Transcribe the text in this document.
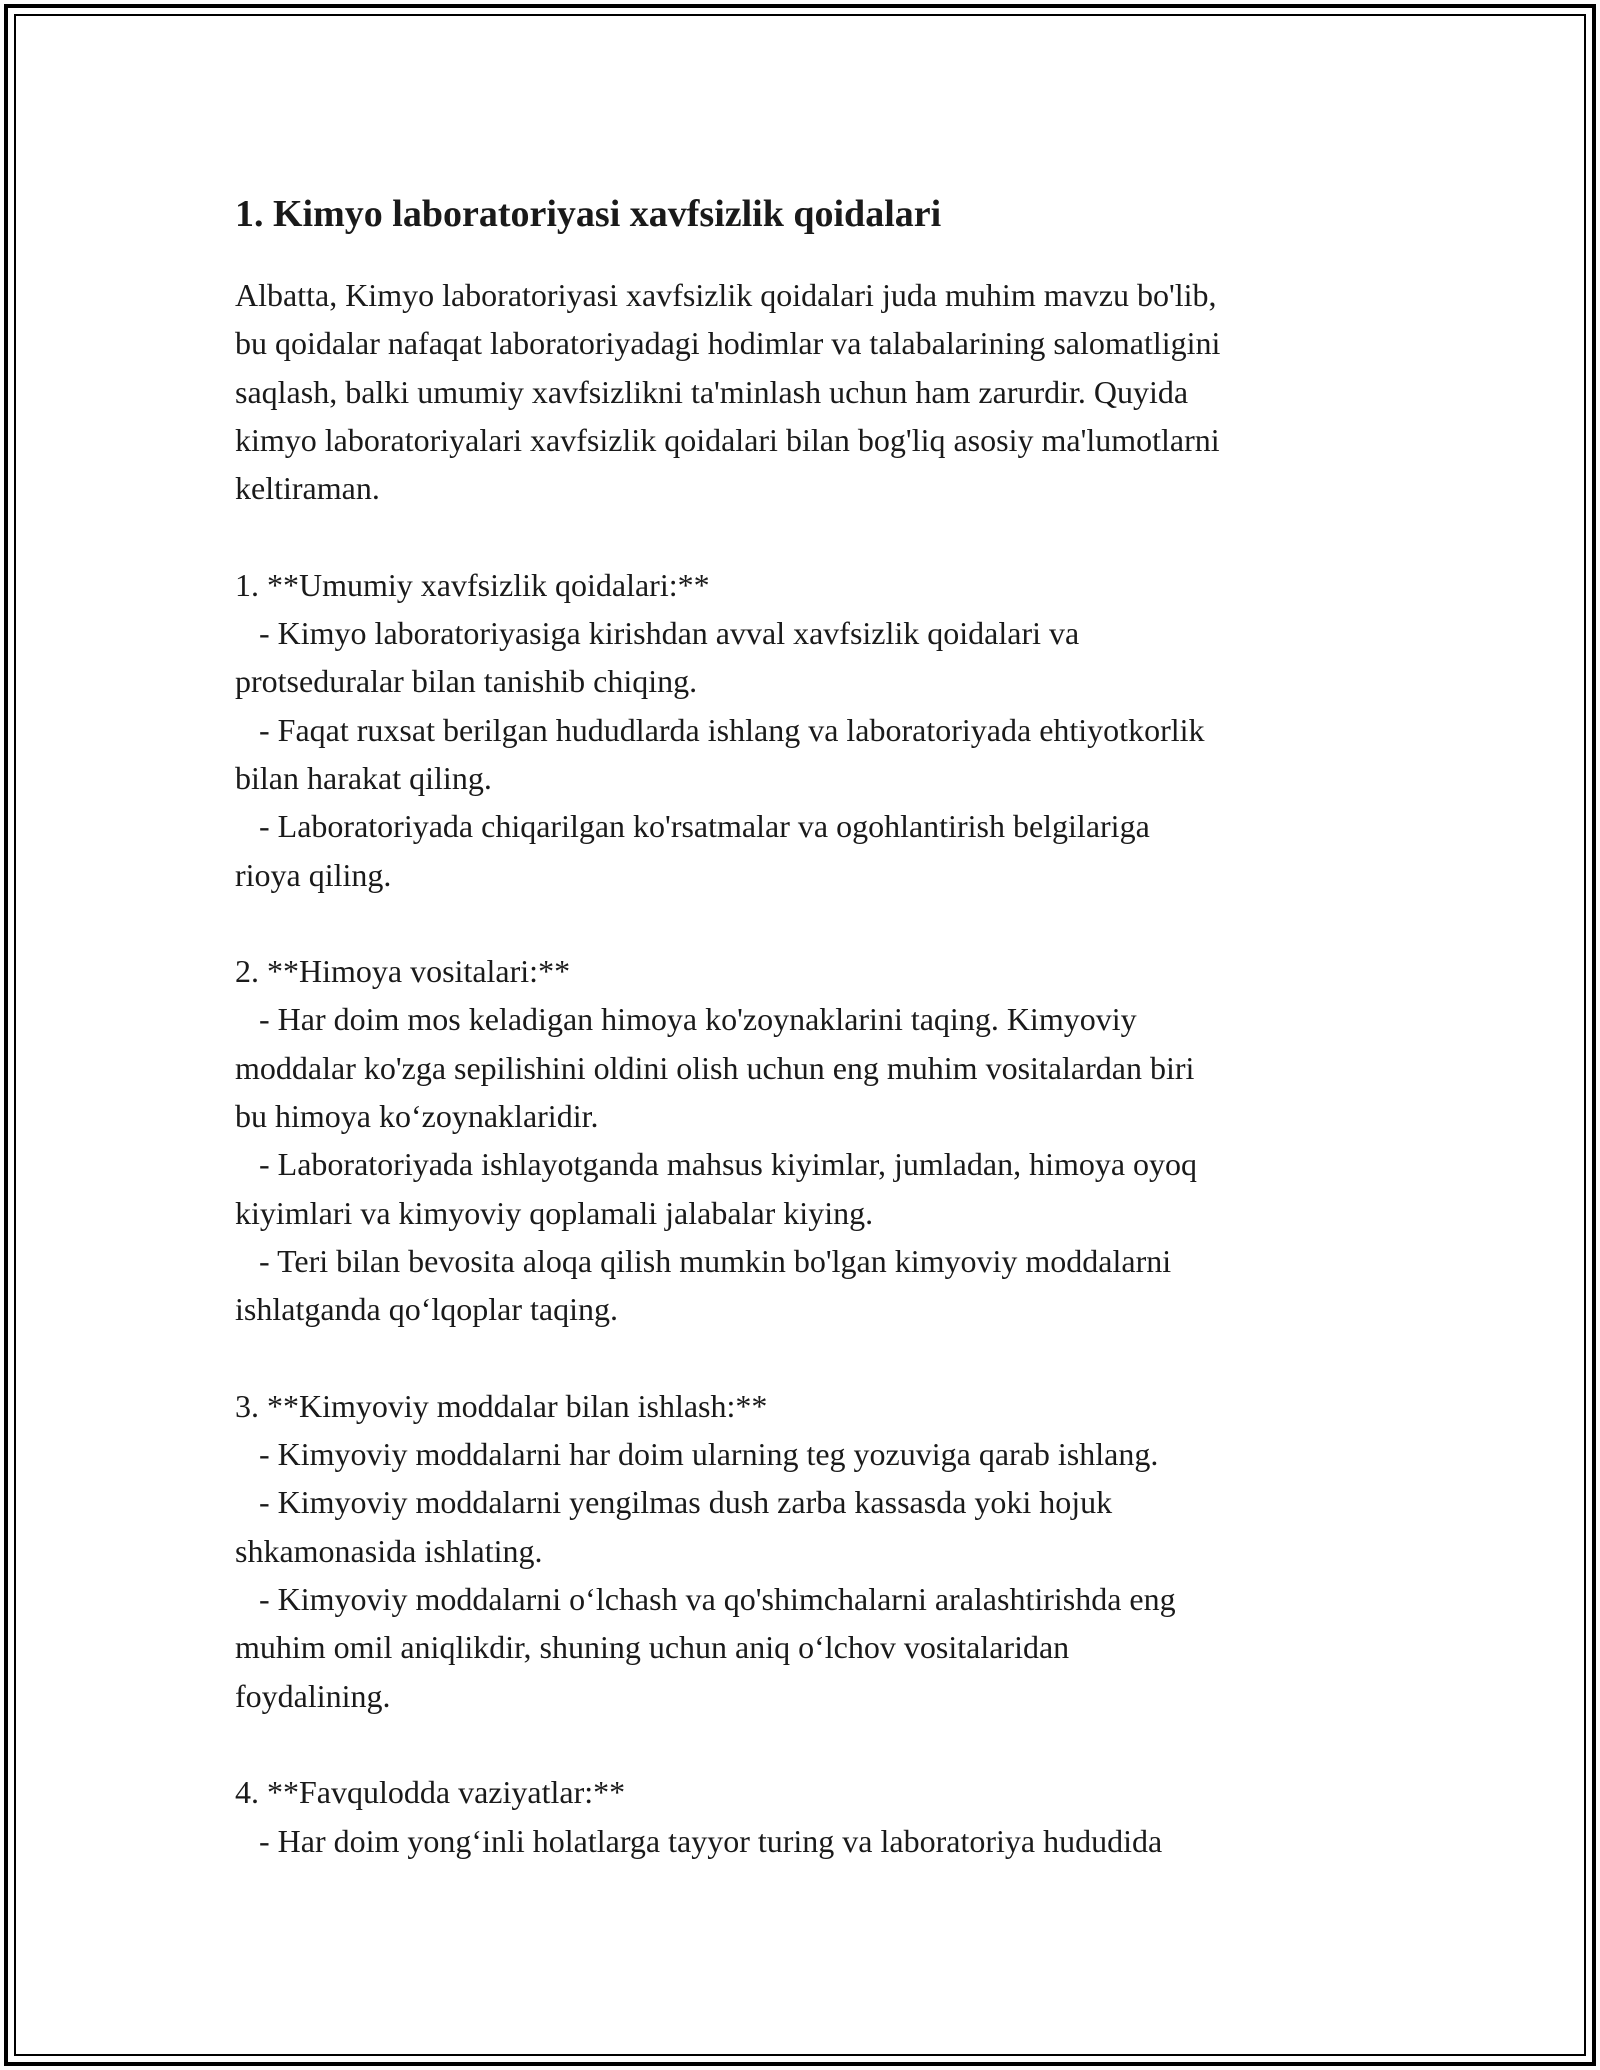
1. Kimyo laboratoriyasi xavfsizlik qoidalari
Albatta, Kimyo laboratoriyasi xavfsizlik qoidalari juda muhim mavzu bo'lib,
bu qoidalar nafaqat laboratoriyadagi hodimlar va talabalarining salomatligini
saqlash, balki umumiy xavfsizlikni ta'minlash uchun ham zarurdir. Quyida
kimyo laboratoriyalari xavfsizlik qoidalari bilan bog'liq asosiy ma'lumotlarni
keltiraman.
1. **Umumiy xavfsizlik qoidalari:**
- Kimyo laboratoriyasiga kirishdan avval xavfsizlik qoidalari va
protseduralar bilan tanishib chiqing.
- Faqat ruxsat berilgan hududlarda ishlang va laboratoriyada ehtiyotkorlik
bilan harakat qiling.
- Laboratoriyada chiqarilgan ko'rsatmalar va ogohlantirish belgilariga
rioya qiling.
2. **Himoya vositalari:**
- Har doim mos keladigan himoya ko'zoynaklarini taqing. Kimyoviy
moddalar ko'zga sepilishini oldini olish uchun eng muhim vositalardan biri
bu himoya ko‘zoynaklaridir.
- Laboratoriyada ishlayotganda mahsus kiyimlar, jumladan, himoya oyoq
kiyimlari va kimyoviy qoplamali jalabalar kiying.
- Teri bilan bevosita aloqa qilish mumkin bo'lgan kimyoviy moddalarni
ishlatganda qo‘lqoplar taqing.
3. **Kimyoviy moddalar bilan ishlash:**
- Kimyoviy moddalarni har doim ularning teg yozuviga qarab ishlang.
- Kimyoviy moddalarni yengilmas dush zarba kassasda yoki hojuk
shkamonasida ishlating.
- Kimyoviy moddalarni o‘lchash va qo'shimchalarni aralashtirishda eng
muhim omil aniqlikdir, shuning uchun aniq o‘lchov vositalaridan
foydalining.
4. **Favqulodda vaziyatlar:**
- Har doim yong‘inli holatlarga tayyor turing va laboratoriya hududida
